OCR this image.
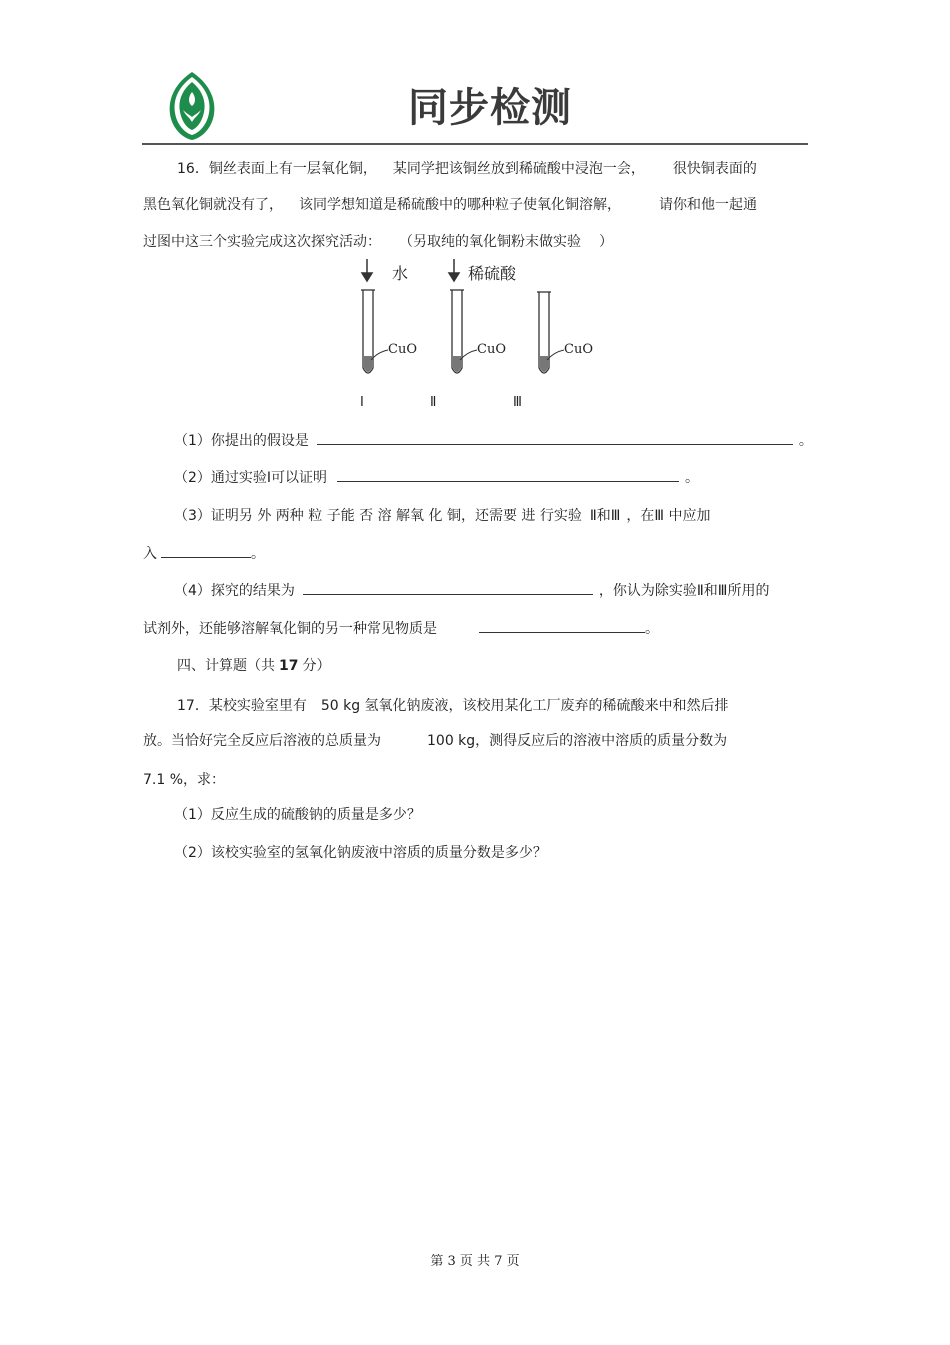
同步检测
16．铜丝表面上有一层氧化铜， 某同学把该铜丝放到稀硫酸中浸泡一会， 很快铜表面的
黑色氧化铜就没有了， 该同学想知道是稀硫酸中的哪种粒子使氧化铜溶解，	请你和他一起通
过图中这三个实验完成这次探究活动： （另取纯的氧化铜粉末做实验 ）
水	稀硫酸
CuO	CuO	CuO
Ⅰ	Ⅱ	Ⅲ
（1）你提出的假设是	。
（2）通过实验Ⅰ可以证明	。
（3）证明另 外 两种 粒 子能 否 溶 解氧 化 铜，还需要 进 行实验 Ⅱ和Ⅲ ，在Ⅲ 中应加
入	。
（4）探究的结果为	，你认为除实验Ⅱ和Ⅲ所用的
试剂外，还能够溶解氧化铜的另一种常见物质是	。
四、计算题（共 17 分）
17．某校实验室里有 50 kg 氢氧化钠废液，该校用某化工厂废弃的稀硫酸来中和然后排
放。当恰好完全反应后溶液的总质量为	100 kg，测得反应后的溶液中溶质的质量分数为
7.1 %，求：
（1）反应生成的硫酸钠的质量是多少？
（2）该校实验室的氢氧化钠废液中溶质的质量分数是多少？
第 3 页 共 7 页
